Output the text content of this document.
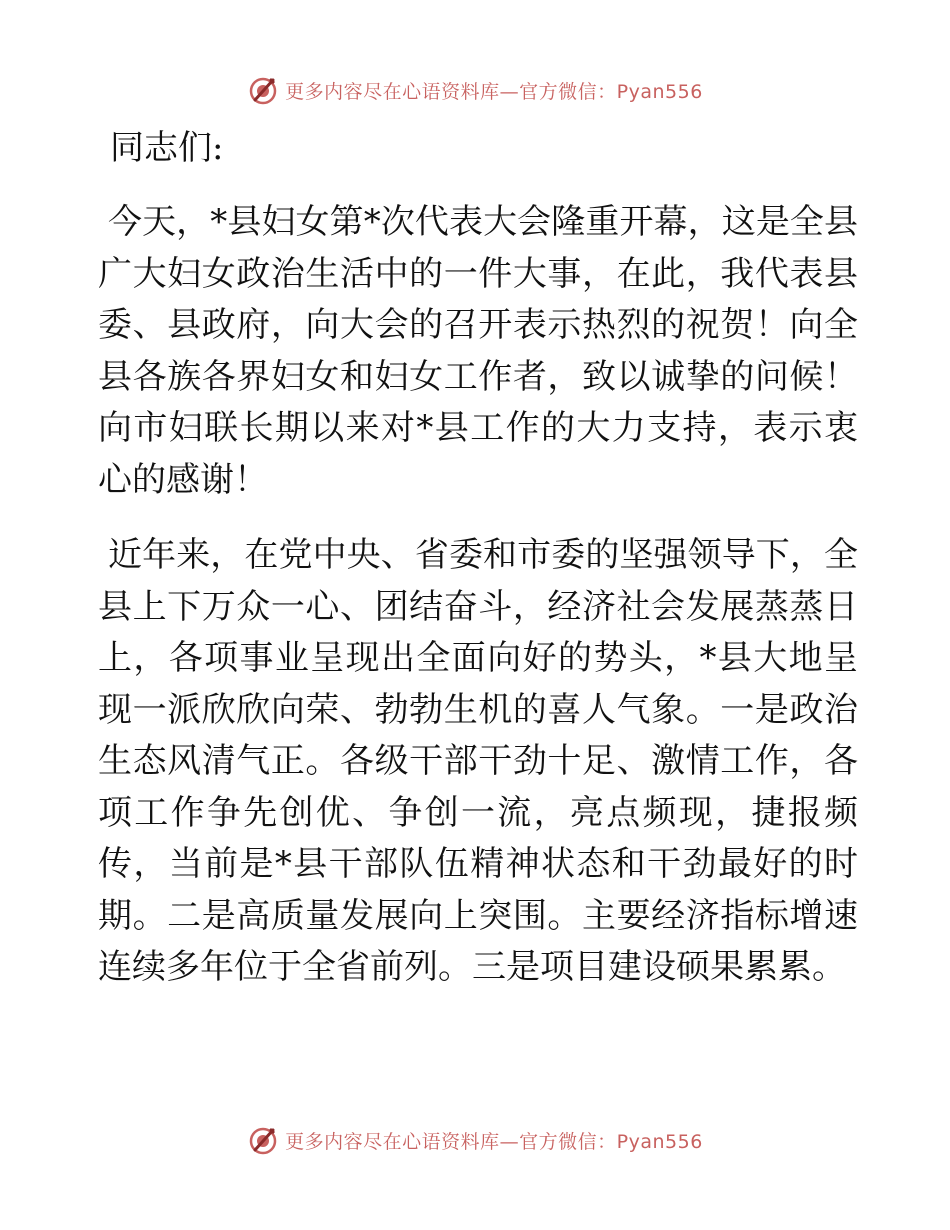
更多内容尽在心语资料库—官方微信：Pyan556
同志们:

今天，*县妇女第*次代表大会隆重开幕，这是全县广大妇女政治生活中的一件大事，在此，我代表县委、县政府，向大会的召开表示热烈的祝贺！向全县各族各界妇女和妇女工作者，致以诚挚的问候！向市妇联长期以来对*县工作的大力支持，表示衷心的感谢！

近年来，在党中央、省委和市委的坚强领导下，全县上下万众一心、团结奋斗，经济社会发展蒸蒸日上，各项事业呈现出全面向好的势头，*县大地呈现一派欣欣向荣、勃勃生机的喜人气象。一是政治生态风清气正。各级干部干劲十足、激情工作，各项工作争先创优、争创一流，亮点频现，捷报频传，当前是*县干部队伍精神状态和干劲最好的时期。二是高质量发展向上突围。主要经济指标增速连续多年位于全省前列。三是项目建设硕果累累。

更多内容尽在心语资料库—官方微信：Pyan556
